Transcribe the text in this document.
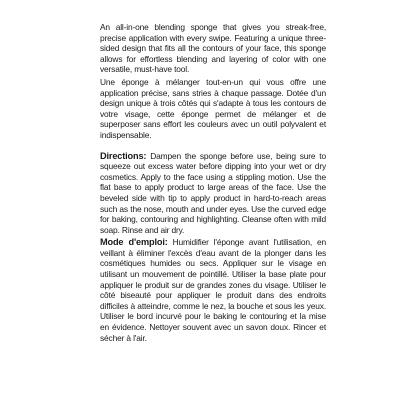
An all-in-one blending sponge that gives you streak-free, precise application with every swipe. Featuring a unique three-sided design that fits all the contours of your face, this sponge allows for effortless blending and layering of color with one versatile, must-have tool.

Une éponge à mélanger tout-en-un qui vous offre une application précise, sans stries à chaque passage. Dotée d'un design unique à trois côtés qui s'adapte à tous les contours de votre visage, cette éponge permet de mélanger et de superposer sans effort les couleurs avec un outil polyvalent et indispensable.

Directions: Dampen the sponge before use, being sure to squeeze out excess water before dipping into your wet or dry cosmetics. Apply to the face using a stippling motion. Use the flat base to apply product to large areas of the face. Use the beveled side with tip to apply product in hard-to-reach areas such as the nose, mouth and under eyes. Use the curved edge for baking, contouring and highlighting. Cleanse often with mild soap. Rinse and air dry.

Mode d'emploi: Humidifier l'éponge avant l'utilisation, en veillant à éliminer l'excès d'eau avant de la plonger dans les cosmétiques humides ou secs. Appliquer sur le visage en utilisant un mouvement de pointillé. Utiliser la base plate pour appliquer le produit sur de grandes zones du visage. Utiliser le côté biseauté pour appliquer le produit dans des endroits difficiles à atteindre, comme le nez, la bouche et sous les yeux. Utiliser le bord incurvé pour le baking le contouring et la mise en évidence. Nettoyer souvent avec un savon doux. Rincer et sécher à l'air.
